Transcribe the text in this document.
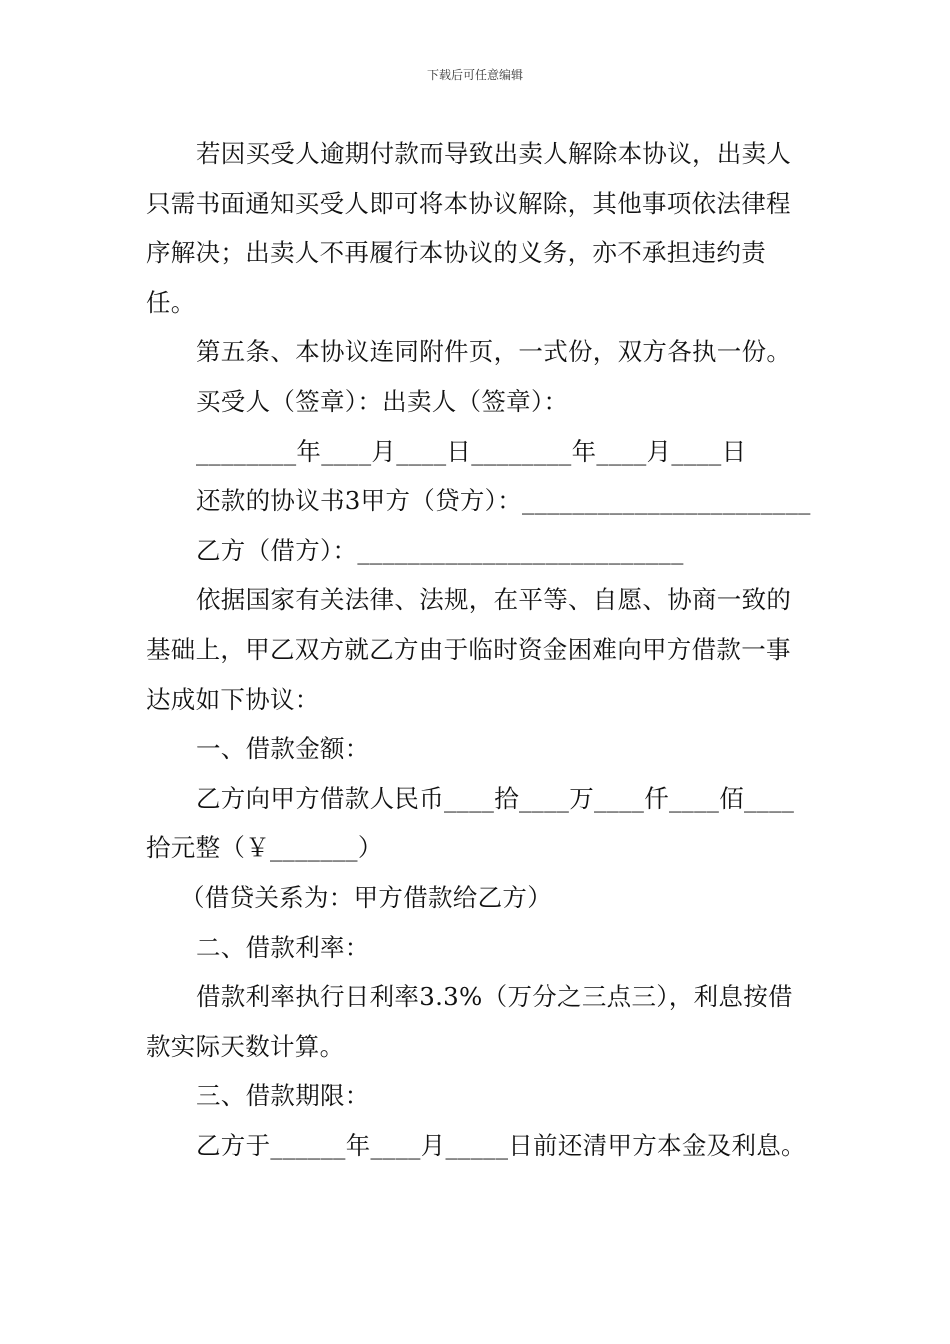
下载后可任意编辑

若因买受人逾期付款而导致出卖人解除本协议，出卖人只需书面通知买受人即可将本协议解除，其他事项依法律程序解决；出卖人不再履行本协议的义务，亦不承担违约责任。

第五条、本协议连同附件页，一式份，双方各执一份。

买受人（签章）：出卖人（签章）：

________年____月____日________年____月____日

还款的协议书3甲方（贷方）：_______________________

乙方（借方）：__________________________

依据国家有关法律、法规，在平等、自愿、协商一致的基础上，甲乙双方就乙方由于临时资金困难向甲方借款一事达成如下协议：

一、借款金额：

乙方向甲方借款人民币____拾____万____仟____佰____拾元整（￥_______）

（借贷关系为：甲方借款给乙方）

二、借款利率：

借款利率执行日利率3.3%（万分之三点三），利息按借款实际天数计算。

三、借款期限：

乙方于______年____月_____日前还清甲方本金及利息。
